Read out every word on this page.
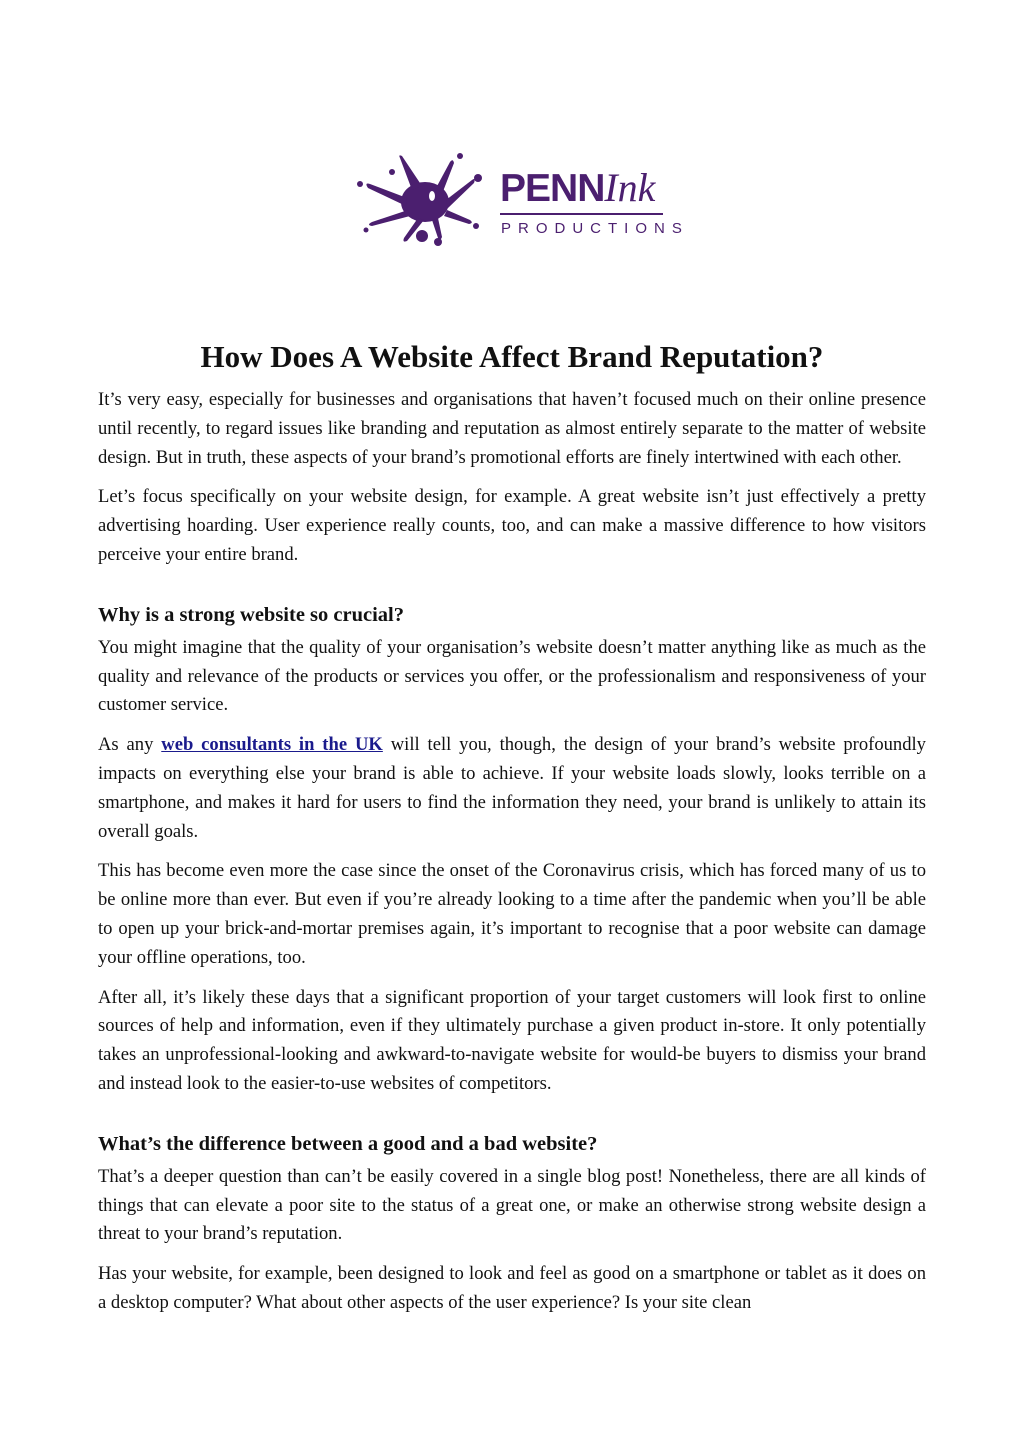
PENNInk
PRODUCTIONS
How Does A Website Affect Brand Reputation?

It’s very easy, especially for businesses and organisations that haven’t focused much on their online presence until recently, to regard issues like branding and reputation as almost entirely separate to the matter of website design. But in truth, these aspects of your brand’s promotional efforts are finely intertwined with each other.

Let’s focus specifically on your website design, for example. A great website isn’t just effectively a pretty advertising hoarding. User experience really counts, too, and can make a massive difference to how visitors perceive your entire brand.

Why is a strong website so crucial?

You might imagine that the quality of your organisation’s website doesn’t matter anything like as much as the quality and relevance of the products or services you offer, or the professionalism and responsiveness of your customer service.

As any web consultants in the UK will tell you, though, the design of your brand’s website profoundly impacts on everything else your brand is able to achieve. If your website loads slowly, looks terrible on a smartphone, and makes it hard for users to find the information they need, your brand is unlikely to attain its overall goals.

This has become even more the case since the onset of the Coronavirus crisis, which has forced many of us to be online more than ever. But even if you’re already looking to a time after the pandemic when you’ll be able to open up your brick-and-mortar premises again, it’s important to recognise that a poor website can damage your offline operations, too.

After all, it’s likely these days that a significant proportion of your target customers will look first to online sources of help and information, even if they ultimately purchase a given product in-store. It only potentially takes an unprofessional-looking and awkward-to-navigate website for would-be buyers to dismiss your brand and instead look to the easier-to-use websites of competitors.

What’s the difference between a good and a bad website?

That’s a deeper question than can’t be easily covered in a single blog post! Nonetheless, there are all kinds of things that can elevate a poor site to the status of a great one, or make an otherwise strong website design a threat to your brand’s reputation.

Has your website, for example, been designed to look and feel as good on a smartphone or tablet as it does on a desktop computer? What about other aspects of the user experience? Is your site clean
